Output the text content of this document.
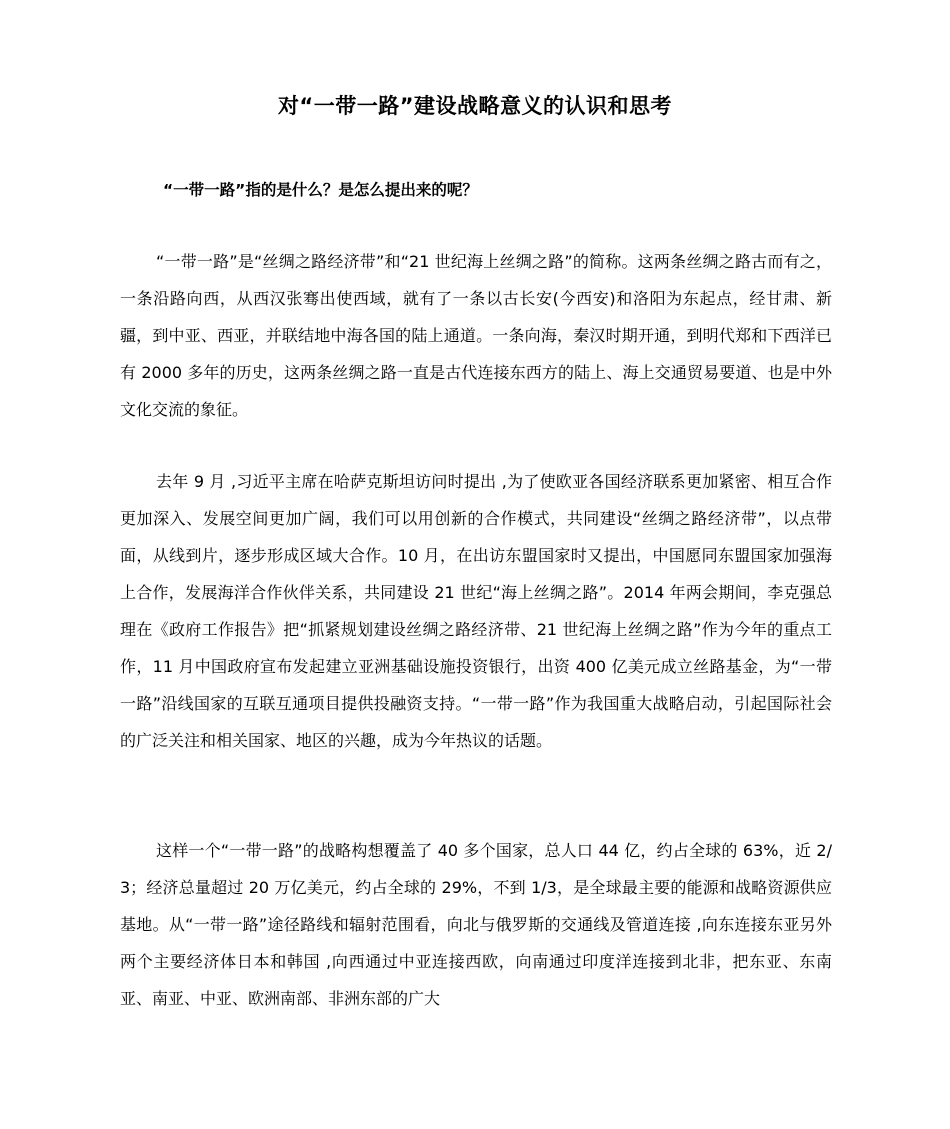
对“一带一路”建设战略意义的认识和思考
“一带一路”指的是什么？是怎么提出来的呢？

“一带一路”是“丝绸之路经济带”和“21 世纪海上丝绸之路”的简称。这两条丝绸之路古而有之，一条沿路向西，从西汉张骞出使西域，就有了一条以古长安(今西安)和洛阳为东起点，经甘肃、新疆，到中亚、西亚，并联结地中海各国的陆上通道。一条向海，秦汉时期开通，到明代郑和下西洋已有 2000 多年的历史，这两条丝绸之路一直是古代连接东西方的陆上、海上交通贸易要道、也是中外文化交流的象征。

去年 9 月 ,习近平主席在哈萨克斯坦访问时提出 ,为了使欧亚各国经济联系更加紧密、相互合作更加深入、发展空间更加广阔，我们可以用创新的合作模式，共同建设“丝绸之路经济带”，以点带面，从线到片，逐步形成区域大合作。10 月，在出访东盟国家时又提出，中国愿同东盟国家加强海上合作，发展海洋合作伙伴关系，共同建设 21 世纪“海上丝绸之路”。2014 年两会期间，李克强总理在《政府工作报告》把“抓紧规划建设丝绸之路经济带、21 世纪海上丝绸之路”作为今年的重点工作，11 月中国政府宣布发起建立亚洲基础设施投资银行，出资 400 亿美元成立丝路基金，为“一带一路”沿线国家的互联互通项目提供投融资支持。“一带一路”作为我国重大战略启动，引起国际社会的广泛关注和相关国家、地区的兴趣，成为今年热议的话题。

这样一个“一带一路”的战略构想覆盖了 40 多个国家，总人口 44 亿，约占全球的 63%，近 2/3；经济总量超过 20 万亿美元，约占全球的 29%，不到 1/3，是全球最主要的能源和战略资源供应基地。从“一带一路”途径路线和辐射范围看，向北与俄罗斯的交通线及管道连接 ,向东连接东亚另外两个主要经济体日本和韩国 ,向西通过中亚连接西欧，向南通过印度洋连接到北非，把东亚、东南亚、南亚、中亚、欧洲南部、非洲东部的广大
